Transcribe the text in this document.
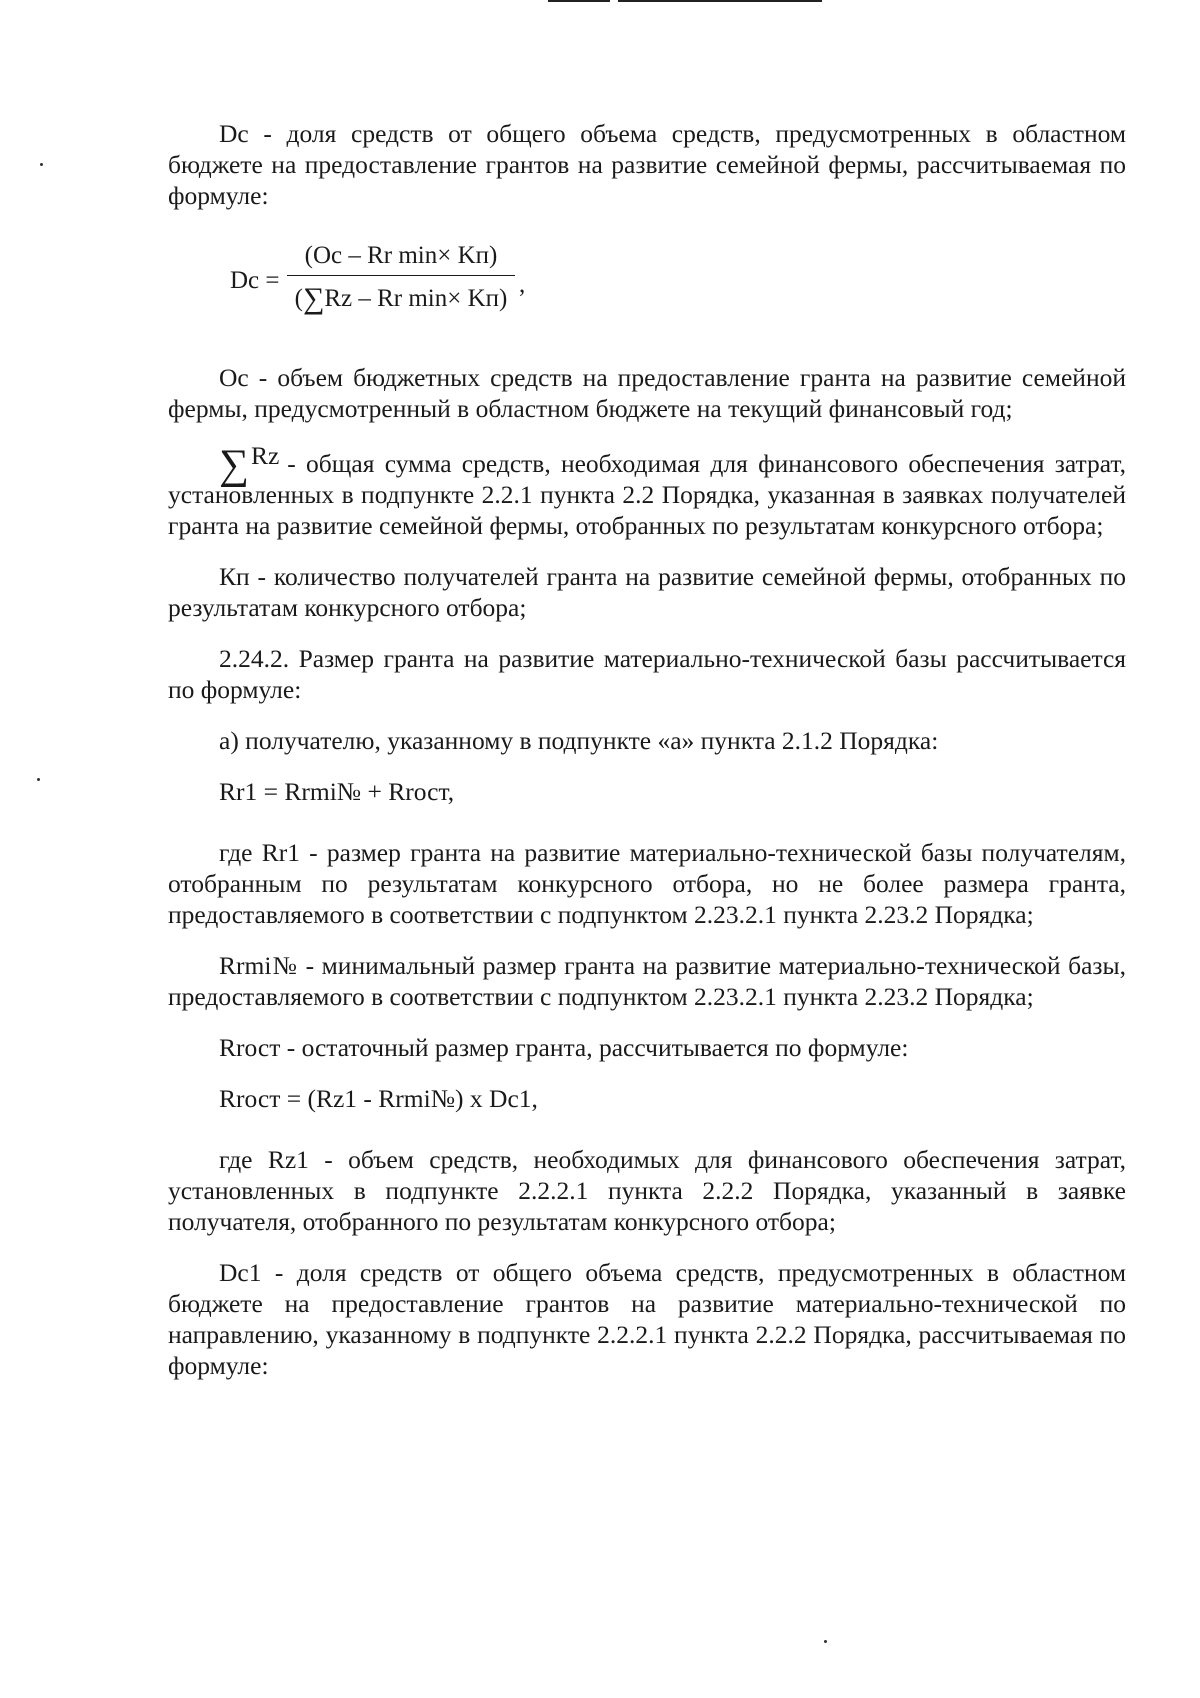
Dc - доля средств от общего объема средств, предусмотренных в областном бюджете на предоставление грантов на развитие семейной фермы, рассчитываемая по формуле:

Dc =
(Oc – Rr min× Kп)
(∑Rz – Rr min× Kп)
,

Oc - объем бюджетных средств на предоставление гранта на развитие семейной фермы, предусмотренный в областном бюджете на текущий финансовый год;

∑Rz - общая сумма средств, необходимая для финансового обеспечения затрат, установленных в подпункте 2.2.1 пункта 2.2 Порядка, указанная в заявках получателей гранта на развитие семейной фермы, отобранных по результатам конкурсного отбора;

Кп - количество получателей гранта на развитие семейной фермы, отобранных по результатам конкурсного отбора;

2.24.2. Размер гранта на развитие материально-технической базы рассчитывается по формуле:

а) получателю, указанному в подпункте «а» пункта 2.1.2 Порядка:

Rr1 = Rrmi№ + Rrост,

где Rr1 - размер гранта на развитие материально-технической базы получателям, отобранным по результатам конкурсного отбора, но не более размера гранта, предоставляемого в соответствии с подпунктом 2.23.2.1 пункта 2.23.2 Порядка;

Rrmi№ - минимальный размер гранта на развитие материально-технической базы, предоставляемого в соответствии с подпунктом 2.23.2.1 пункта 2.23.2 Порядка;

Rrост - остаточный размер гранта, рассчитывается по формуле:

Rrост = (Rz1 - Rrmi№) x Dc1,

где Rz1 - объем средств, необходимых для финансового обеспечения затрат, установленных в подпункте 2.2.2.1 пункта 2.2.2 Порядка, указанный в заявке получателя, отобранного по результатам конкурсного отбора;

Dc1 - доля средств от общего объема средств, предусмотренных в областном бюджете на предоставление грантов на развитие материально-технической по направлению, указанному в подпункте 2.2.2.1 пункта 2.2.2 Порядка, рассчитываемая по формуле:
